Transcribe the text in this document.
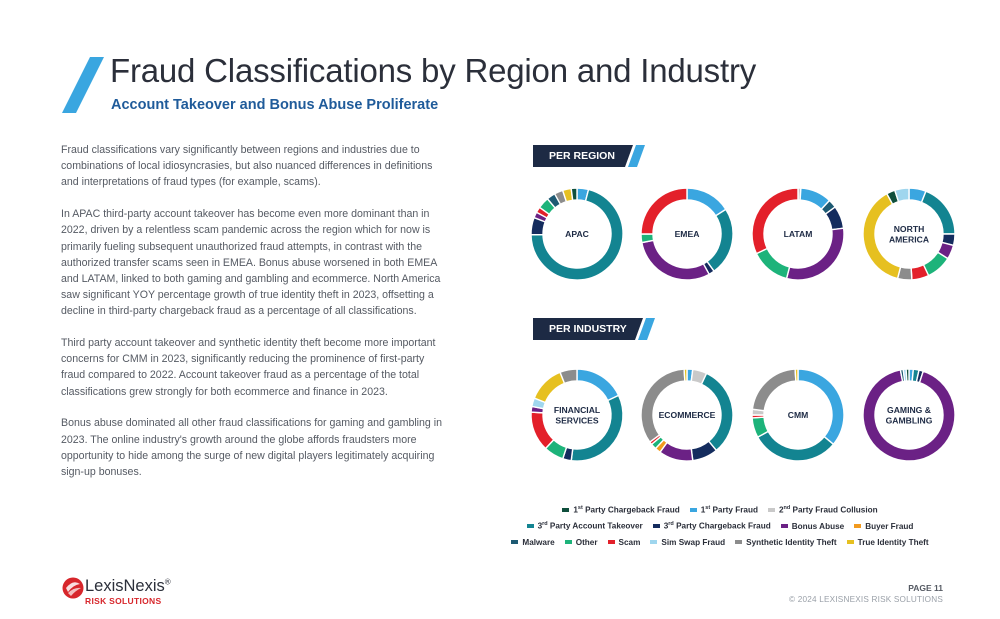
Fraud Classifications by Region and Industry
Account Takeover and Bonus Abuse Proliferate

Fraud classifications vary significantly between regions and industries due to combinations of local idiosyncrasies, but also nuanced differences in definitions and interpretations of fraud types (for example, scams).

In APAC third-party account takeover has become even more dominant than in 2022, driven by a relentless scam pandemic across the region which for now is primarily fueling subsequent unauthorized fraud attempts, in contrast with the authorized transfer scams seen in EMEA. Bonus abuse worsened in both EMEA and LATAM, linked to both gaming and gambling and ecommerce. North America saw significant YOY percentage growth of true identity theft in 2023, offsetting a decline in third-party chargeback fraud as a percentage of all classifications.

Third party account takeover and synthetic identity theft become more important concerns for CMM in 2023, significantly reducing the prominence of first-party fraud compared to 2022. Account takeover fraud as a percentage of the total classifications grew strongly for both ecommerce and finance in 2023.

Bonus abuse dominated all other fraud classifications for gaming and gambling in 2023. The online industry's growth around the globe affords fraudsters more opportunity to hide among the surge of new digital players legitimately acquiring sign-up bonuses.

PER REGION
PER INDUSTRY
APAC	EMEA	LATAM
NORTH
AMERICA
FINANCIAL
SERVICES
ECOMMERCE	CMM
GAMING &
GAMBLING
1st Party Chargeback Fraud	1st Party Fraud	2nd Party Fraud Collusion
3rd Party Account Takeover	3rd Party Chargeback Fraud	Bonus Abuse	Buyer Fraud
Malware	Other	Scam	Sim Swap Fraud	Synthetic Identity Theft	True Identity Theft
LexisNexis®
RISK SOLUTIONS
PAGE 11
© 2024 LEXISNEXIS RISK SOLUTIONS
